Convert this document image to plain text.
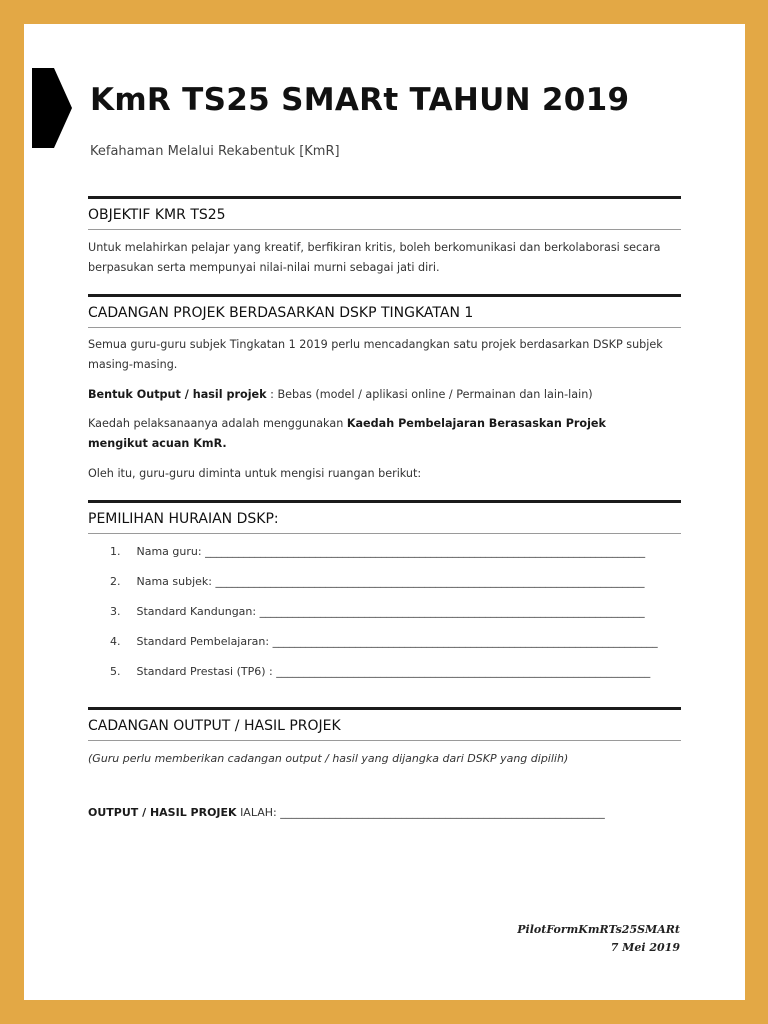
KmR TS25 SMARt TAHUN 2019
Kefahaman Melalui Rekabentuk [KmR]
OBJEKTIF KMR TS25
Untuk melahirkan pelajar yang kreatif, berfikiran kritis, boleh berkomunikasi dan berkolaborasi secara
berpasukan serta mempunyai nilai-nilai murni sebagai jati diri.
CADANGAN PROJEK BERDASARKAN DSKP TINGKATAN 1
Semua guru-guru subjek Tingkatan 1 2019 perlu mencadangkan satu projek berdasarkan DSKP subjek
masing-masing.
Bentuk Output / hasil projek : Bebas (model / aplikasi online / Permainan dan lain-lain)
Kaedah pelaksanaanya adalah menggunakan Kaedah Pembelajaran Berasaskan Projek
mengikut acuan KmR.
Oleh itu, guru-guru diminta untuk mengisi ruangan berikut:
PEMILIHAN HURAIAN DSKP:
1. Nama guru: ________________________________________________________________________________
2. Nama subjek: ______________________________________________________________________________
3. Standard Kandungan: ______________________________________________________________________
4. Standard Pembelajaran: ______________________________________________________________________
5. Standard Prestasi (TP6) : ____________________________________________________________________
CADANGAN OUTPUT / HASIL PROJEK
(Guru perlu memberikan cadangan output / hasil yang dijangka dari DSKP yang dipilih)
OUTPUT / HASIL PROJEK IALAH: ___________________________________________________________
PilotFormKmRTs25SMARt
7 Mei 2019
